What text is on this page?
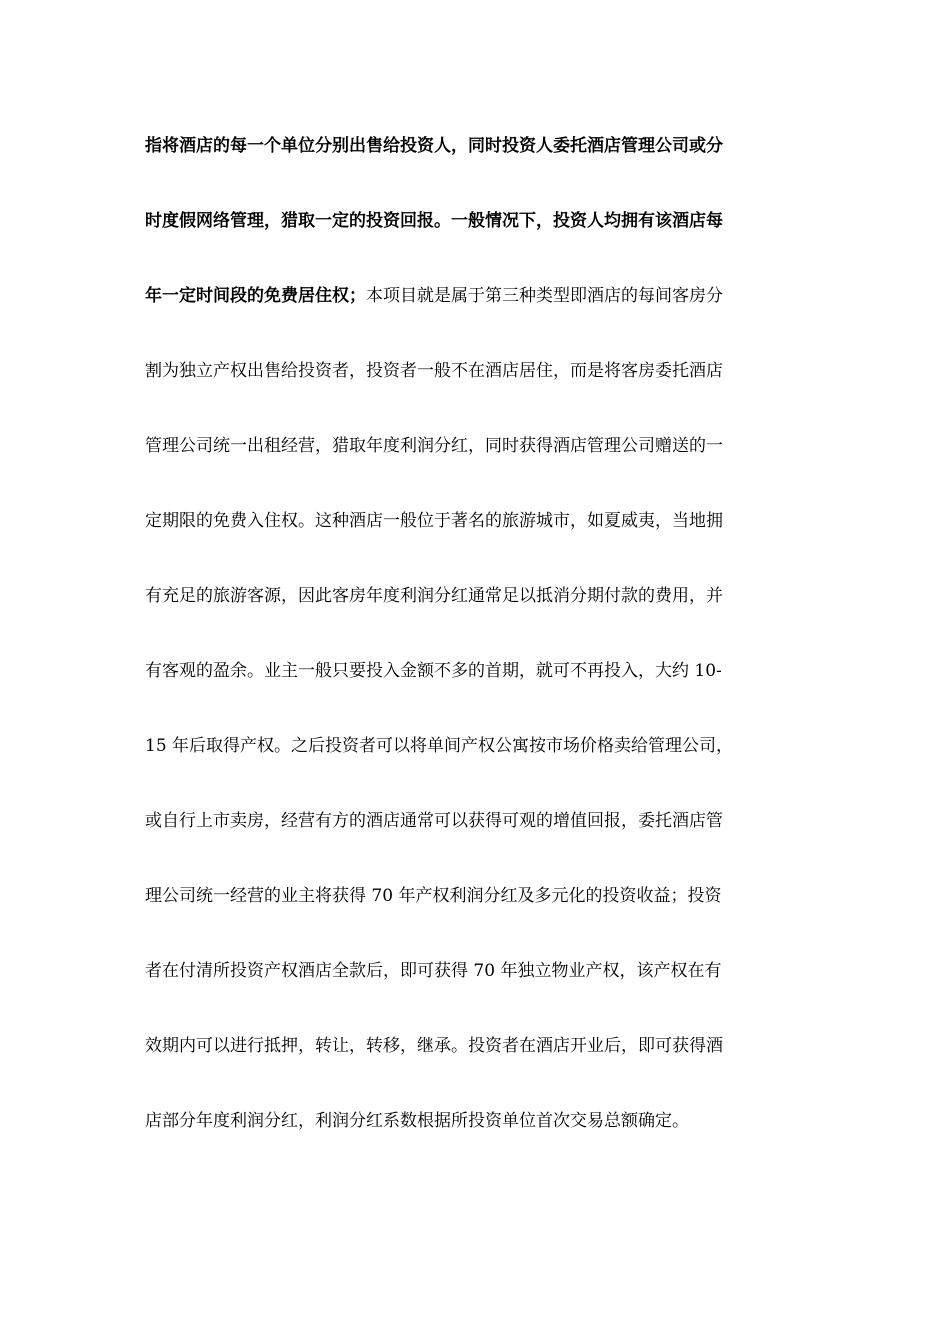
指将酒店的每一个单位分别出售给投资人，同时投资人委托酒店管理公司或分
时度假网络管理，猎取一定的投资回报。一般情况下，投资人均拥有该酒店每
年一定时间段的免费居住权；本项目就是属于第三种类型即酒店的每间客房分
割为独立产权出售给投资者，投资者一般不在酒店居住，而是将客房委托酒店
管理公司统一出租经营，猎取年度利润分红，同时获得酒店管理公司赠送的一
定期限的免费入住权。这种酒店一般位于著名的旅游城市，如夏威夷，当地拥
有充足的旅游客源，因此客房年度利润分红通常足以抵消分期付款的费用，并
有客观的盈余。业主一般只要投入金额不多的首期，就可不再投入，大约 10-
15 年后取得产权。之后投资者可以将单间产权公寓按市场价格卖给管理公司，
或自行上市卖房，经营有方的酒店通常可以获得可观的增值回报，委托酒店管
理公司统一经营的业主将获得 70 年产权利润分红及多元化的投资收益；投资
者在付清所投资产权酒店全款后，即可获得 70 年独立物业产权，该产权在有
效期内可以进行抵押，转让，转移，继承。投资者在酒店开业后，即可获得酒
店部分年度利润分红，利润分红系数根据所投资单位首次交易总额确定。
